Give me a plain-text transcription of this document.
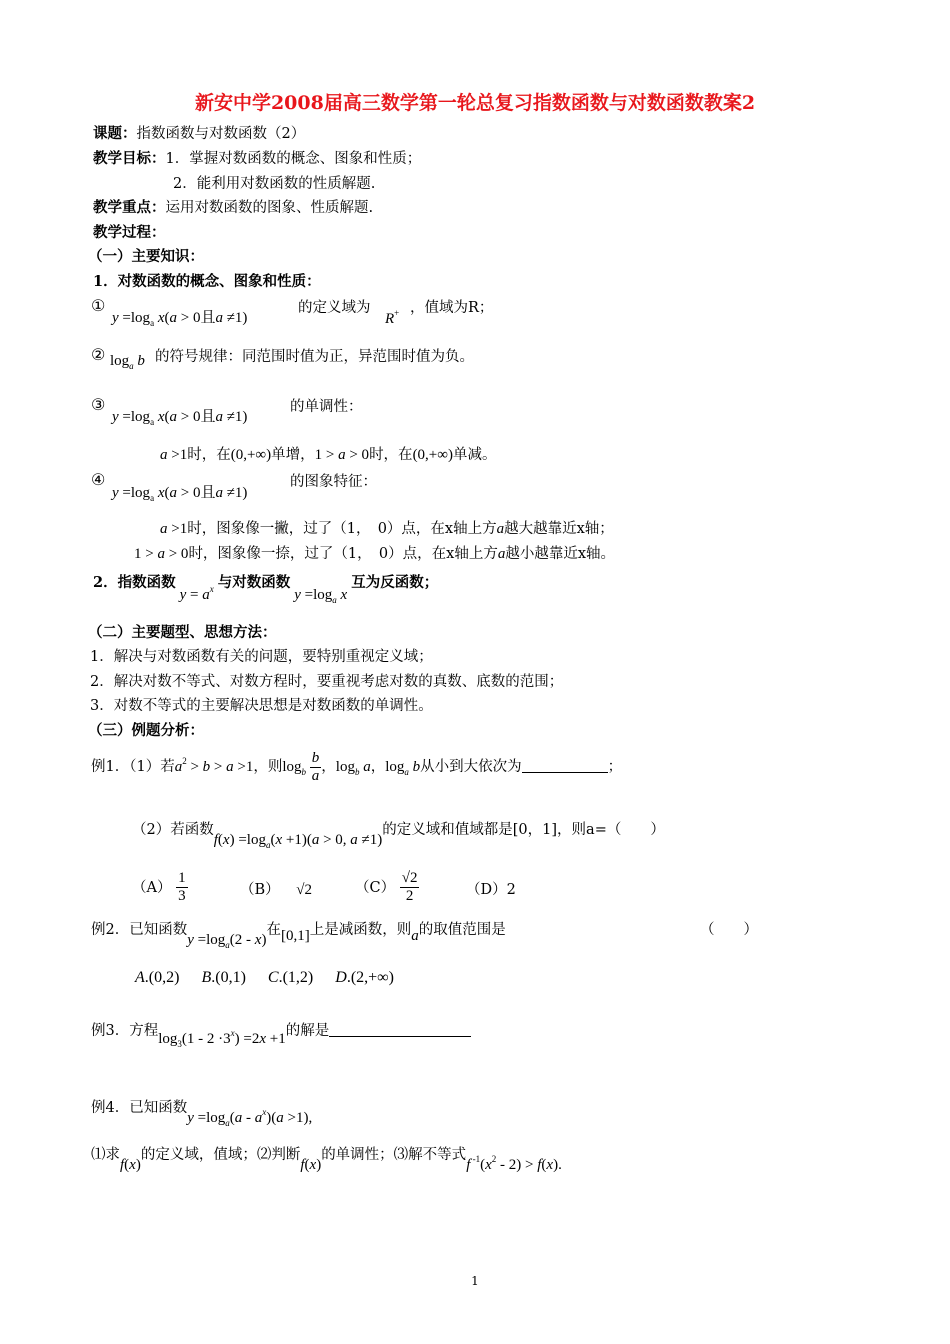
新安中学2008届高三数学第一轮总复习指数函数与对数函数教案2
课题：指数函数与对数函数（2）
教学目标：1．掌握对数函数的概念、图象和性质；
2．能利用对数函数的性质解题.
教学重点：运用对数函数的图象、性质解题.
教学过程：
（一）主要知识：
1．对数函数的概念、图象和性质：
①
$y =\log_a$ x(a > 0且a ≠1)
的定义域为
R+ ，值域为R；
② $\log_a b$ 的符号规律：同范围时值为正，异范围时值为负。
③
$y =\log_a$ x(a > 0且a ≠1)
的单调性：
a >1时，在(0,+∞)单增，1 > a > 0时，在(0,+∞)单减。
④
$y =\log_a$ x(a > 0且a ≠1)
的图象特征：
a >1时，图象像一撇，过了（1，　0）点，在x轴上方a越大越靠近x轴；
1 > a > 0时，图象像一捺，过了（1，　0）点，在x轴上方a越小越靠近x轴。
2．指数函数$y = a^x$ 与对数函数$y =\log_a$ x互为反函数；
（二）主要题型、思想方法：
1．解决与对数函数有关的问题，要特别重视定义域；
2．解决对数不等式、对数方程时，要重视考虑对数的真数、底数的范围；
3．对数不等式的主要解决思想是对数函数的单调性。
（三）例题分析：
例1．（1）若$a^2 > b > a >1$，则$\log_b \frac{b}{a}$ ，$\log_b a$，$\log_a b$从小到大依次为	；
（2）若函数$f(x) =\log_a(x +1)(a > 0$, a ≠1)的定义域和值域都是[0，1]，则a=（　　）
$(A) \frac{1}{3}$	（B） √2	$(C) \frac{√2}{2}$	（D）2
例2．已知函数$y =\log_a(2 - x)$在[0,1]上是减函数，则a的取值范围是	（　　）
A.(0,2)　 B.(0,1)　 C.(1,2)　 D.(2,+∞)
例3．方程$\log_3(1 - 2 \cdot 3^x) =2x +1$的解是
例4．已知函数$y =\log_a(a - a^x)(a >1)$,
⑴求f(x)的定义域，值域；⑵判断f(x)的单调性；⑶解不等式f $^{-1}(x^2 - 2) > f(x)$.
1
